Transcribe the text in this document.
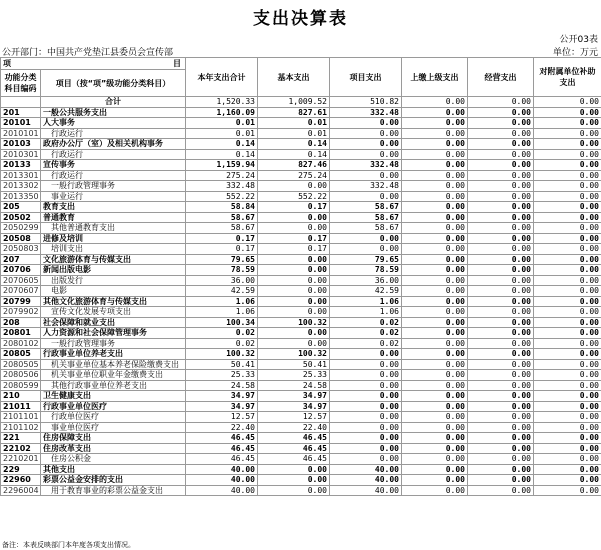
支出决算表
公开03表
公开部门：中国共产党垫江县委员会宣传部	单位：万元
项 目		本年支出合计	基本支出	项目支出	上缴上级支出	经营支出	对附属单位补助支出
功能分类科目编码	项目（按“项”级功能分类科目）						
	合计	1,520.33	1,009.52	510.82	0.00	0.00	0.00
201	一般公共服务支出	1,160.09	827.61	332.48	0.00	0.00	0.00
20101	人大事务	0.01	0.01	0.00	0.00	0.00	0.00
2010101	行政运行	0.01	0.01	0.00	0.00	0.00	0.00
20103	政府办公厅（室）及相关机构事务	0.14	0.14	0.00	0.00	0.00	0.00
2010301	行政运行	0.14	0.14	0.00	0.00	0.00	0.00
20133	宣传事务	1,159.94	827.46	332.48	0.00	0.00	0.00
2013301	行政运行	275.24	275.24	0.00	0.00	0.00	0.00
2013302	一般行政管理事务	332.48	0.00	332.48	0.00	0.00	0.00
2013350	事业运行	552.22	552.22	0.00	0.00	0.00	0.00
205	教育支出	58.84	0.17	58.67	0.00	0.00	0.00
20502	普通教育	58.67	0.00	58.67	0.00	0.00	0.00
2050299	其他普通教育支出	58.67	0.00	58.67	0.00	0.00	0.00
20508	进修及培训	0.17	0.17	0.00	0.00	0.00	0.00
2050803	培训支出	0.17	0.17	0.00	0.00	0.00	0.00
207	文化旅游体育与传媒支出	79.65	0.00	79.65	0.00	0.00	0.00
20706	新闻出版电影	78.59	0.00	78.59	0.00	0.00	0.00
2070605	出版发行	36.00	0.00	36.00	0.00	0.00	0.00
2070607	电影	42.59	0.00	42.59	0.00	0.00	0.00
20799	其他文化旅游体育与传媒支出	1.06	0.00	1.06	0.00	0.00	0.00
2079902	宣传文化发展专项支出	1.06	0.00	1.06	0.00	0.00	0.00
208	社会保障和就业支出	100.34	100.32	0.02	0.00	0.00	0.00
20801	人力资源和社会保障管理事务	0.02	0.00	0.02	0.00	0.00	0.00
2080102	一般行政管理事务	0.02	0.00	0.02	0.00	0.00	0.00
20805	行政事业单位养老支出	100.32	100.32	0.00	0.00	0.00	0.00
2080505	机关事业单位基本养老保险缴费支出	50.41	50.41	0.00	0.00	0.00	0.00
2080506	机关事业单位职业年金缴费支出	25.33	25.33	0.00	0.00	0.00	0.00
2080599	其他行政事业单位养老支出	24.58	24.58	0.00	0.00	0.00	0.00
210	卫生健康支出	34.97	34.97	0.00	0.00	0.00	0.00
21011	行政事业单位医疗	34.97	34.97	0.00	0.00	0.00	0.00
2101101	行政单位医疗	12.57	12.57	0.00	0.00	0.00	0.00
2101102	事业单位医疗	22.40	22.40	0.00	0.00	0.00	0.00
221	住房保障支出	46.45	46.45	0.00	0.00	0.00	0.00
22102	住房改革支出	46.45	46.45	0.00	0.00	0.00	0.00
2210201	住房公积金	46.45	46.45	0.00	0.00	0.00	0.00
229	其他支出	40.00	0.00	40.00	0.00	0.00	0.00
22960	彩票公益金安排的支出	40.00	0.00	40.00	0.00	0.00	0.00
2296004	用于教育事业的彩票公益金支出	40.00	0.00	40.00	0.00	0.00	0.00
备注：本表反映部门本年度各项支出情况。
